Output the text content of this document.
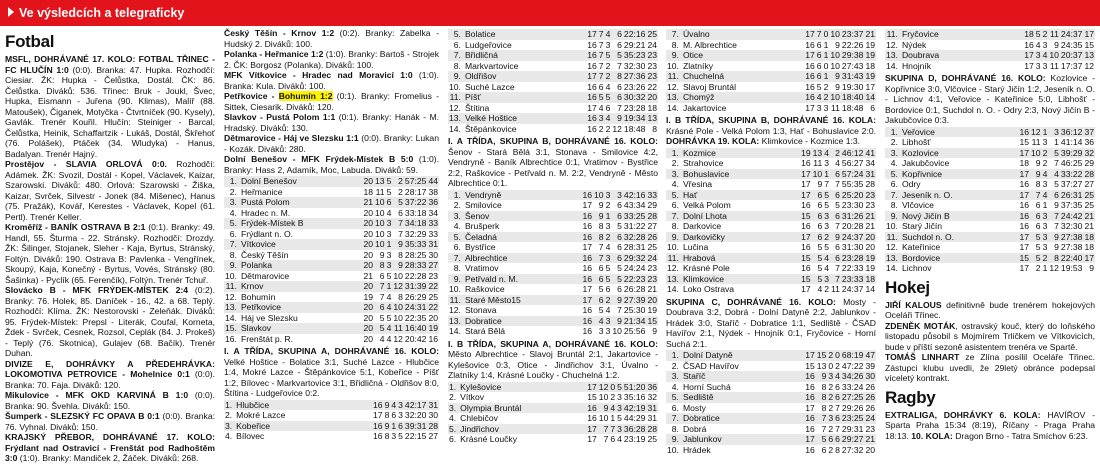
Ve výsledcích a telegraficky
Fotbal

MSFL, DOHRÁVANÉ 17. KOLO: FOTBAL TŘINEC - FC HLUČÍN 1:0 (0:0). Branka: 47. Hupka. Rozhodčí: Ciesiar. ŽK: Hupka - Čelůstka, Dostál. ČK: 86. Čelůstka. Diváků: 536. Třinec: Bruk - Joukl, Švec, Hupka, Eismann - Juřena (90. Klimas), Malíř (88. Matoušek), Čiganek, Motyčka - Čtvrtníček (90. Kysely), Gavlák. Trenér Kouřil. Hlučín: Steiniger - Barcal, Čelůstka, Heinik, Schaffartzik - Lukáš, Dostál, Škřehoť (76. Polášek), Ptáček (34. Wludyka) - Hanus, Badalyan. Trenér Hajný.

Prostějov - SLAVIA ORLOVÁ 0:0. Rozhodčí: Adámek. ŽK: Svozil, Dostál - Kopel, Václavek, Kaizar, Szarowski. Diváků: 480. Orlová: Szarowski - Žiška, Kaizar, Svrček, Silvestr - Jonek (84. Mišenec), Hanus (75. Pražák), Kovář, Kerestes - Václavek, Kopel (61. Pertl). Trenér Keller.

Kroměříž - BANÍK OSTRAVA B 2:1 (0:1). Branky: 49. Handl, 55. Šturma - 22. Stránský. Rozhodčí: Drozdy. ŽK: Šilinger, Stojanek, Sleher - Kaja, Byrtus, Stránský, Foltýn. Diváků: 190. Ostrava B: Pavlenka - Vengřínek, Skoupý, Kaja, Konečný - Byrtus, Vovés, Stránský (80. Šašinka) - Pyclík (65. Ferenčík), Foltýn. Trenér Tchuř.

Slovácko B - MFK FRÝDEK-MÍSTEK 2:4 (0:2). Branky: 76. Holek, 85. Daníček - 16., 42. a 68. Teplý. Rozhodčí: Klíma. ŽK: Nestorovski - Zeleňák. Diváků: 95. Frýdek-Místek: Prepsl - Literák, Coufal, Korneta, Ždek - Svrček, Cesnek, Rozsol, Ceplák (84. J. Prokeš) - Teplý (76. Skotnica), Gulajev (68. Bačík). Trenér Duhan.

DIVIZE E, DOHRÁVKY A PŘEDEHRÁVKA: LOKOMOTIVA PETROVICE - Mohelnice 0:1 (0:0). Branka: 70. Faja. Diváků: 120.

Mikulovice - MFK OKD KARVINÁ B 1:0 (0:0). Branka: 90. Švehla. Diváků: 150.

Šumperk - SLEZSKÝ FC OPAVA B 0:1 (0:0). Branka: 76. Vyhnal. Diváků: 150.

KRAJSKÝ PŘEBOR, DOHRÁVANÉ 17. KOLO: Frýdlant nad Ostravicí - Frenštát pod Radhoštěm 3:0 (1:0). Branky: Mandiček 2, Žáček. Diváků: 268.

Český Těšín - Krnov 1:2 (0:2). Branky: Zabelka - Hudský 2. Diváků: 100.

Polanka - Heřmanice 1:2 (1:0). Branky: Bartoš - Strojek 2. ČK: Borgosz (Polanka). Diváků: 100.

MFK Vítkovice - Hradec nad Moravicí 1:0 (1:0). Branka: Kula. Diváků: 100.

Petřkovice - Bohumín 1:2 (0:1). Branky: Fromelius - Sittek, Ciesarik. Diváků: 120.

Slavkov - Pustá Polom 1:1 (0:1). Branky: Hanák - M. Hradský. Diváků: 130.

Dětmarovice - Háj ve Slezsku 1:1 (0:0). Branky: Lukan - Kozák. Diváků: 280.

Dolní Benešov - MFK Frýdek-Místek B 5:0 (1:0). Branky: Hass 2, Adamík, Moc, Labuda. Diváků: 59.

1.	Dolní Benešov	20	13	5	2	57:25	44
2.	Heřmanice	18	11	5	2	28:17	38
3.	Pustá Polom	21	10	6	5	37:22	36
4.	Hradec n. M.	20	10	4	6	33:18	34
5.	Frýdek-Místek B	20	10	3	7	34:18	33
6.	Frýdlant n. O.	20	10	3	7	32:29	33
7.	Vítkovice	20	10	1	9	35:33	31
8.	Český Těšín	20	9	3	8	28:25	30
9.	Polanka	20	8	3	9	28:33	27
10.	Dětmarovice	21	6	5	10	22:28	23
11.	Krnov	20	7	1	12	31:39	22
12.	Bohumín	19	7	4	8	26:29	25
13.	Petřkovice	20	6	4	10	24:31	22
14.	Háj ve Slezsku	20	5	5	10	22:35	20
15.	Slavkov	20	5	4	11	16:40	19
16.	Frenštát p. R.	20	4	4	12	20:42	16

I. A TŘÍDA, SKUPINA A, DOHRÁVANÉ 16. KOLO: Velké Hoštice - Bolatice 3:1, Suché Lazce - Hlubčice 1:4, Mokré Lazce - Štěpánkovice 5:1, Kobeřice - Píšť 1:2, Bílovec - Markvartovice 3:1, Břidličná - Oldřišov 8:0, Štítina - Ludgeřovice 0:2.

1.	Hlubčice	16	9	4	3	42:17	31
2.	Mokré Lazce	17	8	6	3	32:20	30
3.	Kobeřice	16	9	1	6	39:31	28
4.	Bílovec	16	8	3	5	22:15	27
5.	Bolatice	17	7	4	6	22:16	25
6.	Ludgeřovice	16	7	3	6	29:21	24
7.	Břidličná	16	7	5	5	35:23	23
8.	Markvartovice	16	7	2	7	32:30	23
9.	Oldřišov	17	7	2	8	27:36	23
10.	Suché Lazce	16	6	4	6	23:26	22
11.	Píšť	16	5	5	6	30:32	20
12.	Štítina	17	4	6	7	23:28	18
13.	Velké Hoštice	16	3	4	9	19:34	13
14.	Štěpánkovice	16	2	2	12	18:48	8

I. A TŘÍDA, SKUPINA B, DOHRÁVANÉ 16. KOLO: Šenov - Stará Bělá 3:1, Stonava - Smilovice 4:2, Vendryně - Baník Albrechtice 0:1, Vratimov - Bystřice 2:2, Raškovice - Petřvald n. M. 2:2, Vendryně - Město Albrechtice 0:1.

1.	Vendryně	16	10	3	3	42:16	33
2.	Smilovice	17	9	2	6	43:34	29
3.	Šenov	16	9	1	6	33:25	28
4.	Brušperk	16	8	3	5	31:22	27
5.	Čeladná	16	8	2	6	32:28	26
6.	Bystřice	17	7	4	6	28:31	25
7.	Albrechtice	16	7	3	6	29:32	24
8.	Vratimov	16	6	5	5	24:24	23
9.	Petřvald n. M.	16	6	5	5	22:23	23
10.	Raškovice	17	5	6	6	26:28	21
11.	Staré Město15	17	6	2	9	27:39	20
12.	Stonava	16	5	4	7	25:30	19
13.	Dobratice	16	4	3	9	21:34	15
14.	Stará Bělá	16	3	3	10	25:56	9

I. B TŘÍDA, SKUPINA A, DOHRÁVANÉ 16. KOLO: Město Albrechtice - Slavoj Bruntál 2:1, Jakartovice - Kylešovice 0:3, Otice - Jindřichov 3:1, Úvalno - Zlatníky 1:4, Krásné Loučky - Chuchelná 1:2.

1.	Kylešovice	17	12	0	5	51:20	36
2.	Vítkov	15	10	2	3	35:16	32
3.	Olympia Bruntál	16	9	4	3	42:19	31
4.	Chlebičov	16	10	1	5	44:29	31
5.	Jindřichov	17	7	7	3	36:28	28
6.	Krásné Loučky	17	7	6	4	23:19	25
7.	Úvalno	17	7	0	10	23:37	21
8.	M. Albrechtice	16	6	1	9	22:26	19
9.	Otice	17	6	1	10	29:38	19
10.	Zlatníky	16	6	0	10	27:43	18
11.	Chuchelná	16	6	1	9	31:43	19
12.	Slavoj Bruntál	16	5	2	9	19:30	17
13.	Chomýž	16	4	2	10	18:40	14
14.	Jakartovice	17	3	3	11	18:48	6

I. B TŘÍDA, SKUPINA B, DOHRÁVANÉ 16. KOLA: Krásné Pole - Velká Polom 1:3, Hať - Bohuslavice 2:0. DOHRÁVKA 19. KOLA: Klimkovice - Kozmice 1:3.

1.	Kozmice	19	13	4	2	46:12	41
2.	Strahovice	16	11	3	4	56:27	34
3.	Bohuslavice	17	10	1	6	57:24	31
4.	Vřesina	17	9	7	7	55:35	28
5.	Hať	17	6	5	6	25:20	23
6.	Velká Polom	16	6	5	5	23:30	23
7.	Dolní Lhota	15	6	3	6	31:26	21
8.	Darkovice	16	6	3	7	20:28	21
9.	Darkovičky	17	6	2	9	24:37	20
10.	Lučina	16	5	5	6	31:30	20
11.	Hrabová	15	5	4	6	23:28	19
12.	Krásné Pole	16	5	4	7	22:33	19
13.	Klimkovice	15	5	3	7	23:33	18
14.	Loko Ostrava	17	4	2	11	24:37	14

SKUPINA C, DOHRÁVANÉ 16. KOLO: Mosty - Doubrava 3:2, Dobrá - Dolní Datyně 2:2, Jablunkov - Hrádek 3:0, Staříč - Dobratice 1:1, Sedliště - ČSAD Havířov 2:1, Nýdek - Hnojník 0:1, Fryčovice - Horní Suchá 2:1.

1.	Dolní Datyně	17	15	2	0	68:19	47
2.	ČSAD Havířov	15	13	0	2	47:22	39
3.	Staříč	16	9	3	4	34:26	30
4.	Horní Suchá	16	8	2	6	33:24	26
5.	Sedliště	16	8	2	6	27:25	26
6.	Mosty	17	8	2	7	29:26	26
7.	Dobratice	16	7	3	6	23:25	24
8.	Dobrá	16	7	2	7	29:31	23
9.	Jablunkov	17	5	6	6	29:27	21
10.	Hrádek	16	6	2	8	27:32	20
11.	Fryčovice	18	5	2	11	24:37	17
12.	Nýdek	16	4	3	9	24:35	15
13.	Doubrava	17	3	4	10	20:37	13
14.	Hnojník	17	3	3	11	17:37	12

SKUPINA D, DOHRÁVANÉ 16. KOLO: Kozlovice - Kopřivnice 3:0, Vlčovice - Starý Jičín 1:2, Jeseník n. O. - Lichnov 4:1, Veřovice - Kateřinice 5:0, Libhošť - Bordovice 0:1, Suchdol n. O. - Odry 2:3, Nový Jičín B - Jakubčovice 0:3.

1.	Veřovice	16	12	1	3	36:12	37
2.	Libhošť	15	11	3	1	41:14	36
3.	Kozlovice	17	10	2	5	39:29	32
4.	Jakubčovice	18	9	2	7	46:25	29
5.	Kopřivnice	17	9	4	4	33:22	28
6.	Odry	16	8	3	5	37:27	27
7.	Jeseník n. O.	17	7	4	6	26:31	25
8.	Vlčovice	16	6	1	9	37:35	25
9.	Nový Jičín B	16	6	3	7	24:42	21
10.	Starý Jičín	16	6	3	7	32:30	21
11.	Suchdol n. O.	17	5	3	9	27:38	18
12.	Kateřinice	17	5	3	9	27:38	18
13.	Bordovice	15	5	2	8	22:40	17
14.	Lichnov	17	2	1	12	19:53	9
Hokej

JIŘÍ KALOUS definitivně bude trenérem hokejových Oceláři Třinec.

ZDENĚK MOTÁK, ostravský kouč, který do loňského listopadu působil s Mojmírem Trličkem ve Vítkovicích, bude v příští sezoně asistentem trenéra ve Spartě.

TOMÁŠ LINHART ze Zlína posílil Oceláře Třinec. Zástupci klubu uvedli, že 29letý obránce podepsal víceletý kontrakt.

Ragby

EXTRALIGA, DOHRÁVKY 6. KOLA: HAVÍŘOV - Sparta Praha 15:34 (8:19), Říčany - Praga Praha 18:13. 10. KOLA: Dragon Brno - Tatra Smíchov 6:23.
